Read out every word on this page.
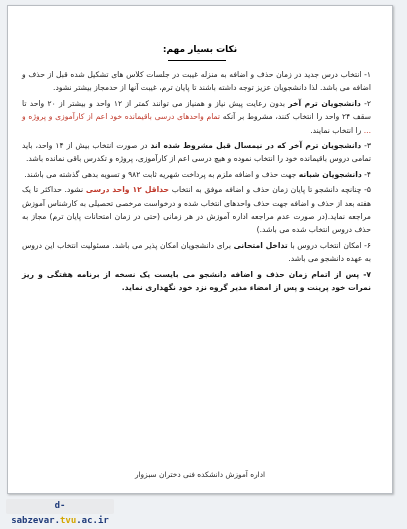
نکات بسیار مهم:
۱- انتخاب درس جدید در زمان حذف و اضافه به منزله غیبت در جلسات کلاس های تشکیل شده قبل از حذف و اضافه می باشد. لذا دانشجویان عزیز توجه داشته باشند تا پایان ترم، غیبت آنها از حدمجاز بیشتر نشود.
۲- دانشجویان ترم آخر بدون رعایت پیش نیاز و همنیاز می توانند کمتر از ۱۲ واحد و بیشتر از ۲۰ واحد تا سقف ۲۴ واحد را انتخاب کنند، مشروط بر آنکه تمام واحدهای درسی باقیمانده خود اعم از کارآموزی و پروژه و ... را انتخاب نمایند.
۳- دانشجویان ترم آخر که در نیمسال قبل مشروط شده اند در صورت انتخاب بیش از ۱۴ واحد، باید تمامی دروس باقیمانده خود را انتخاب نموده و هیچ درسی اعم از کارآموزی، پروژه و تکدرس باقی نمانده باشد.
۴- دانشجویان شبانه جهت حذف و اضافه ملزم به پرداخت شهریه ثابت ۹۸۲ و تسویه بدهی گذشته می باشند.
۵- چنانچه دانشجو تا پایان زمان حذف و اضافه موفق به انتخاب حداقل ۱۲ واحد درسی نشود. حداکثر تا یک هفته بعد از حذف و اضافه جهت حذف واحدهای انتخاب شده و درخواست مرخصی تحصیلی به کارشناس آموزش مراجعه نماید.(در صورت عدم مراجعه اداره آموزش در هر زمانی (حتی در زمان امتحانات پایان ترم) مجاز به حذف دروس انتخاب شده می باشد.)
۶- امکان انتخاب دروس با تداخل امتحانی برای دانشجویان امکان پذیر می باشد. مسئولیت انتخاب این دروس به عهده دانشجو می باشد.
۷- پس از اتمام زمان حذف و اضافه دانشجو می بایست یک نسخه از برنامه هفتگی و ریز نمرات خود پرینت و پس از امضاء مدیر گروه نزد خود نگهداری نماید.
اداره آموزش دانشکده فنی دختران سبزوار
d-sabzevar.tvu.ac.ir
